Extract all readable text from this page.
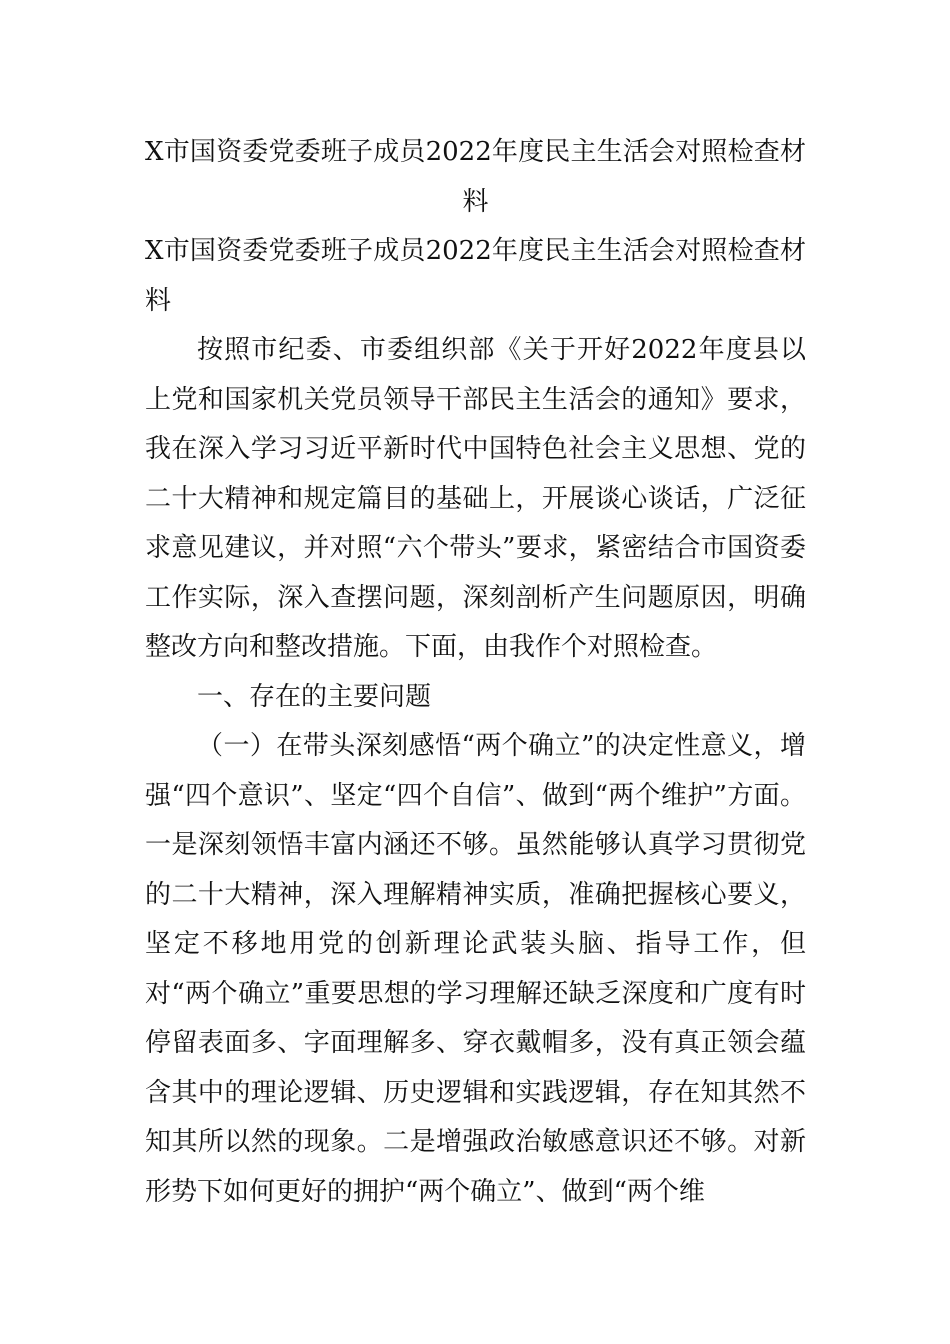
X市国资委党委班子成员2022年度民主生活会对照检查材料

X市国资委党委班子成员2022年度民主生活会对照检查材料

按照市纪委、市委组织部《关于开好2022年度县以上党和国家机关党员领导干部民主生活会的通知》要求，我在深入学习习近平新时代中国特色社会主义思想、党的二十大精神和规定篇目的基础上，开展谈心谈话，广泛征求意见建议，并对照“六个带头”要求，紧密结合市国资委工作实际，深入查摆问题，深刻剖析产生问题原因，明确整改方向和整改措施。下面，由我作个对照检查。

一、存在的主要问题

（一）在带头深刻感悟“两个确立”的决定性意义，增强“四个意识”、坚定“四个自信”、做到“两个维护”方面。一是深刻领悟丰富内涵还不够。虽然能够认真学习贯彻党的二十大精神，深入理解精神实质，准确把握核心要义，坚定不移地用党的创新理论武装头脑、指导工作，但对“两个确立”重要思想的学习理解还缺乏深度和广度有时停留表面多、字面理解多、穿衣戴帽多，没有真正领会蕴含其中的理论逻辑、历史逻辑和实践逻辑，存在知其然不知其所以然的现象。二是增强政治敏感意识还不够。对新形势下如何更好的拥护“两个确立”、做到“两个维
